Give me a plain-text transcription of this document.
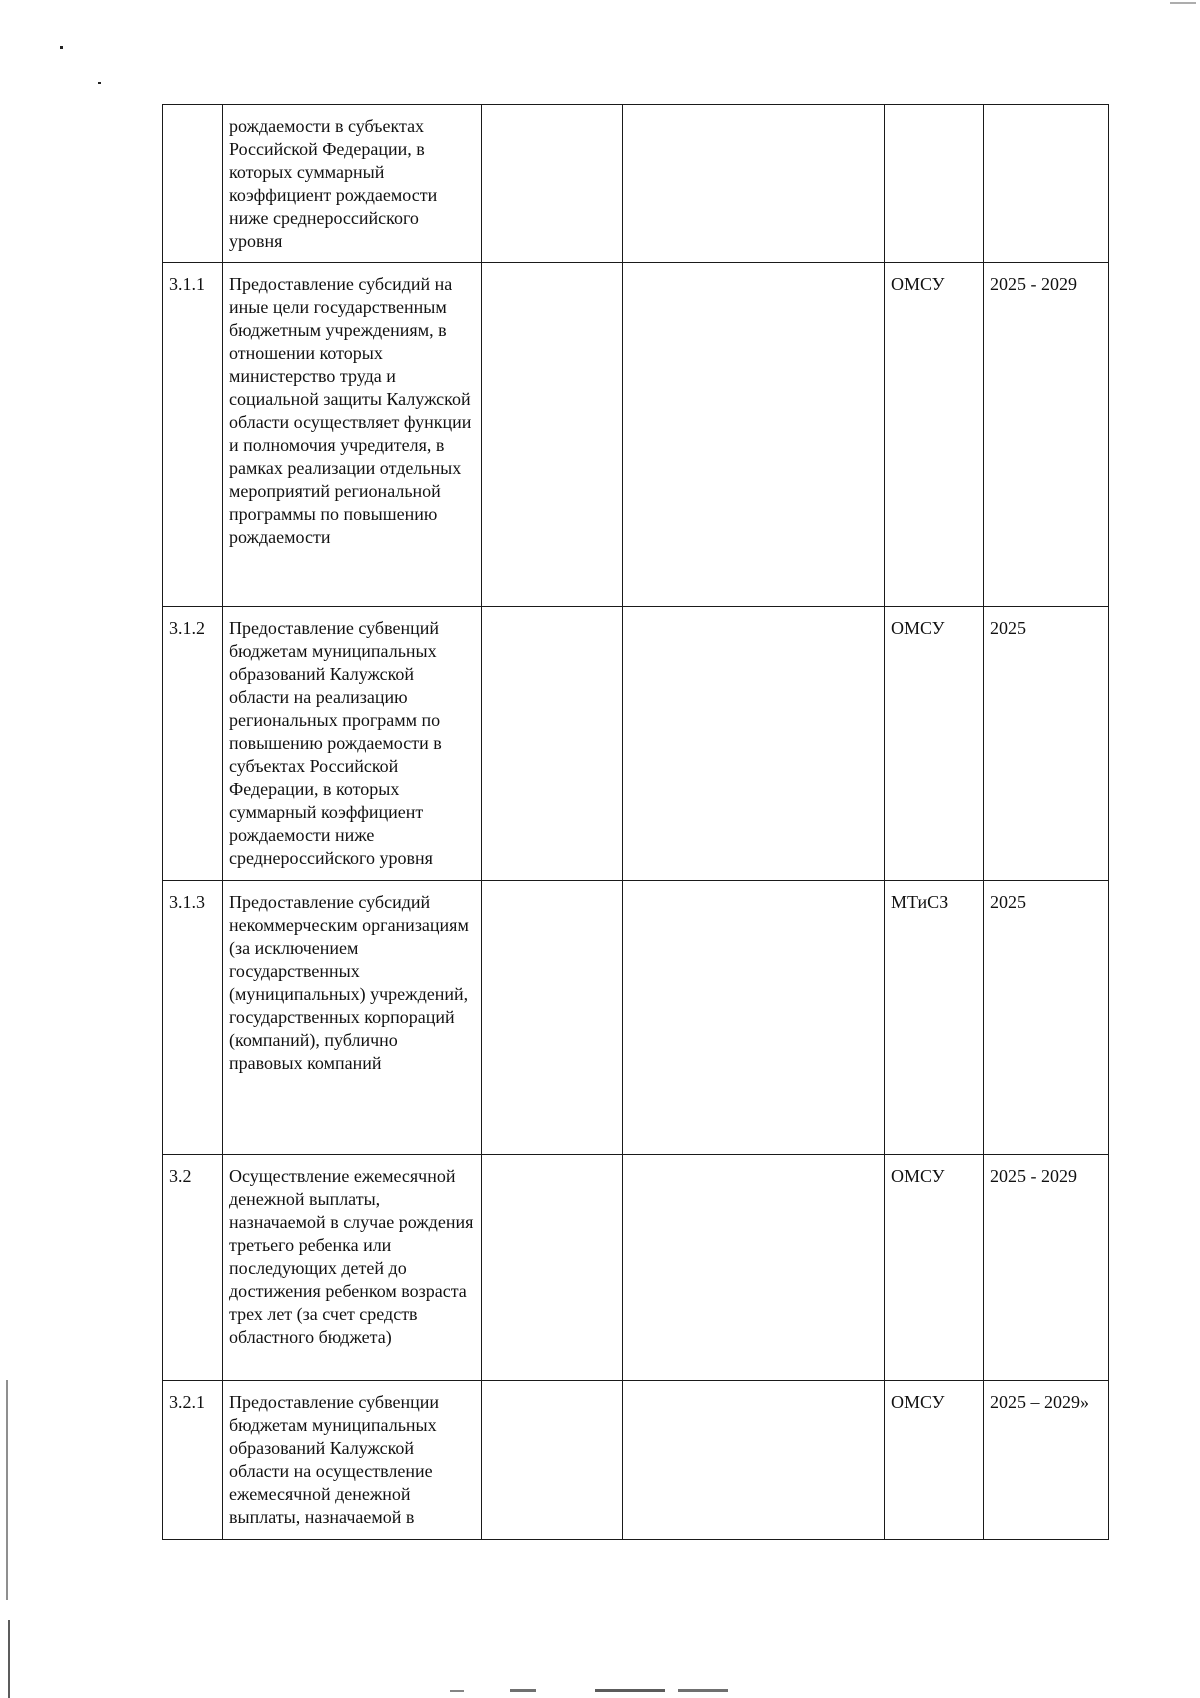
	рождаемости в субъектах Российской Федерации, в которых суммарный коэффициент рождаемости ниже среднероссийского уровня				
3.1.1	Предоставление субсидий на иные цели государственным бюджетным учреждениям, в отношении которых министерство труда и социальной защиты Калужской области осуществляет функции и полномочия учредителя, в рамках реализации отдельных мероприятий региональной программы по повышению рождаемости			ОМСУ	2025 - 2029
3.1.2	Предоставление субвенций бюджетам муниципальных образований Калужской области на реализацию региональных программ по повышению рождаемости в субъектах Российской Федерации, в которых суммарный коэффициент рождаемости ниже среднероссийского уровня			ОМСУ	2025
3.1.3	Предоставление субсидий некоммерческим организациям (за исключением государственных (муниципальных) учреждений, государственных корпораций (компаний), публично правовых компаний			МТиСЗ	2025
3.2	Осуществление ежемесячной денежной выплаты, назначаемой в случае рождения третьего ребенка или последующих детей до достижения ребенком возраста трех лет (за счет средств областного бюджета)			ОМСУ	2025 - 2029
3.2.1	Предоставление субвенции бюджетам муниципальных образований Калужской области на осуществление ежемесячной денежной выплаты, назначаемой в			ОМСУ	2025 – 2029»
